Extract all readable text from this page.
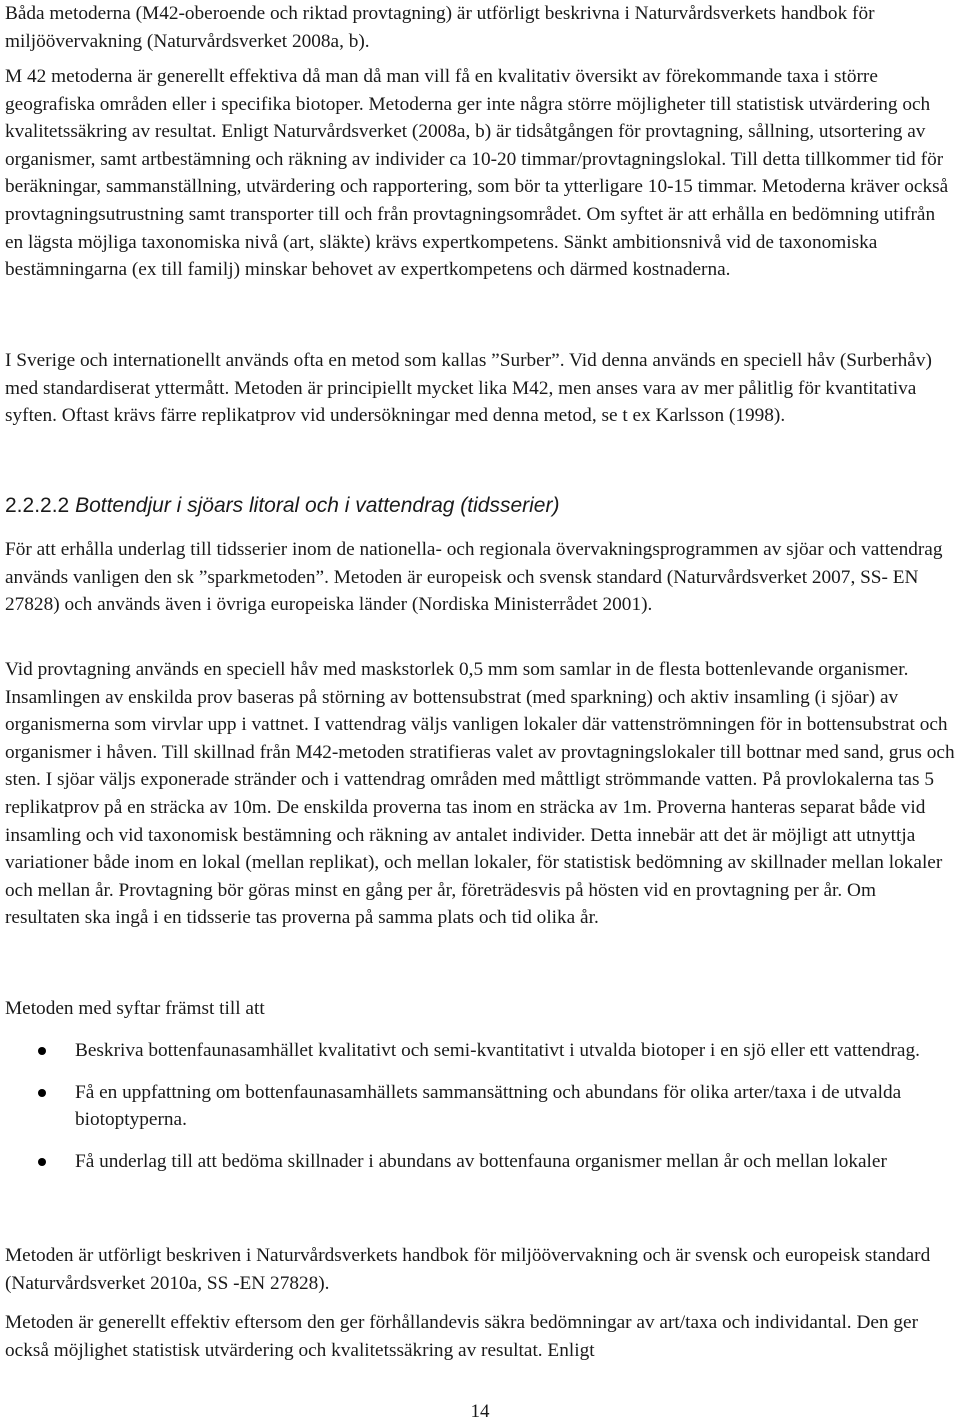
Båda metoderna (M42-oberoende och riktad provtagning) är utförligt beskrivna i Naturvårdsverkets handbok för miljöövervakning (Naturvårdsverket 2008a, b).

M 42 metoderna är generellt effektiva då man då man vill få en kvalitativ översikt av förekommande taxa i större geografiska områden eller i specifika biotoper. Metoderna ger inte några större möjligheter till statistisk utvärdering och kvalitetssäkring av resultat. Enligt Naturvårdsverket (2008a, b) är tidsåtgången för provtagning, sållning, utsortering av organismer, samt artbestämning och räkning av individer ca 10-20 timmar/provtagningslokal. Till detta tillkommer tid för beräkningar, sammanställning, utvärdering och rapportering, som bör ta ytterligare 10-15 timmar. Metoderna kräver också provtagningsutrustning samt transporter till och från provtagningsområdet. Om syftet är att erhålla en bedömning utifrån en lägsta möjliga taxonomiska nivå (art, släkte) krävs expertkompetens. Sänkt ambitionsnivå vid de taxonomiska bestämningarna (ex till familj) minskar behovet av expertkompetens och därmed kostnaderna.

I Sverige och internationellt används ofta en metod som kallas ”Surber”. Vid denna används en speciell håv (Surberhåv) med standardiserat yttermått. Metoden är principiellt mycket lika M42, men anses vara av mer pålitlig för kvantitativa syften. Oftast krävs färre replikatprov vid undersökningar med denna metod, se t ex Karlsson (1998).

2.2.2.2 Bottendjur i sjöars litoral och i vattendrag (tidsserier)

För att erhålla underlag till tidsserier inom de nationella- och regionala övervakningsprogrammen av sjöar och vattendrag används vanligen den sk ”sparkmetoden”. Metoden är europeisk och svensk standard (Naturvårdsverket 2007, SS- EN 27828) och används även i övriga europeiska länder (Nordiska Ministerrådet 2001).

Vid provtagning används en speciell håv med maskstorlek 0,5 mm som samlar in de flesta bottenlevande organismer. Insamlingen av enskilda prov baseras på störning av bottensubstrat (med sparkning) och aktiv insamling (i sjöar) av organismerna som virvlar upp i vattnet. I vattendrag väljs vanligen lokaler där vattenströmningen för in bottensubstrat och organismer i håven. Till skillnad från M42-metoden stratifieras valet av provtagningslokaler till bottnar med sand, grus och sten. I sjöar väljs exponerade stränder och i vattendrag områden med måttligt strömmande vatten. På provlokalerna tas 5 replikatprov på en sträcka av 10m. De enskilda proverna tas inom en sträcka av 1m. Proverna hanteras separat både vid insamling och vid taxonomisk bestämning och räkning av antalet individer. Detta innebär att det är möjligt att utnyttja variationer både inom en lokal (mellan replikat), och mellan lokaler, för statistisk bedömning av skillnader mellan lokaler och mellan år. Provtagning bör göras minst en gång per år, företrädesvis på hösten vid en provtagning per år. Om resultaten ska ingå i en tidsserie tas proverna på samma plats och tid olika år.

Metoden med syftar främst till att

Beskriva bottenfaunasamhället kvalitativt och semi-kvantitativt i utvalda biotoper i en sjö eller ett vattendrag.
Få en uppfattning om bottenfaunasamhällets sammansättning och abundans för olika arter/taxa i de utvalda biotoptyperna.
Få underlag till att bedöma skillnader i abundans av bottenfauna organismer mellan år och mellan lokaler

Metoden är utförligt beskriven i Naturvårdsverkets handbok för miljöövervakning och är svensk och europeisk standard (Naturvårdsverket 2010a, SS -EN 27828).

Metoden är generellt effektiv eftersom den ger förhållandevis säkra bedömningar av art/taxa och individantal. Den ger också möjlighet statistisk utvärdering och kvalitetssäkring av resultat. Enligt

14
